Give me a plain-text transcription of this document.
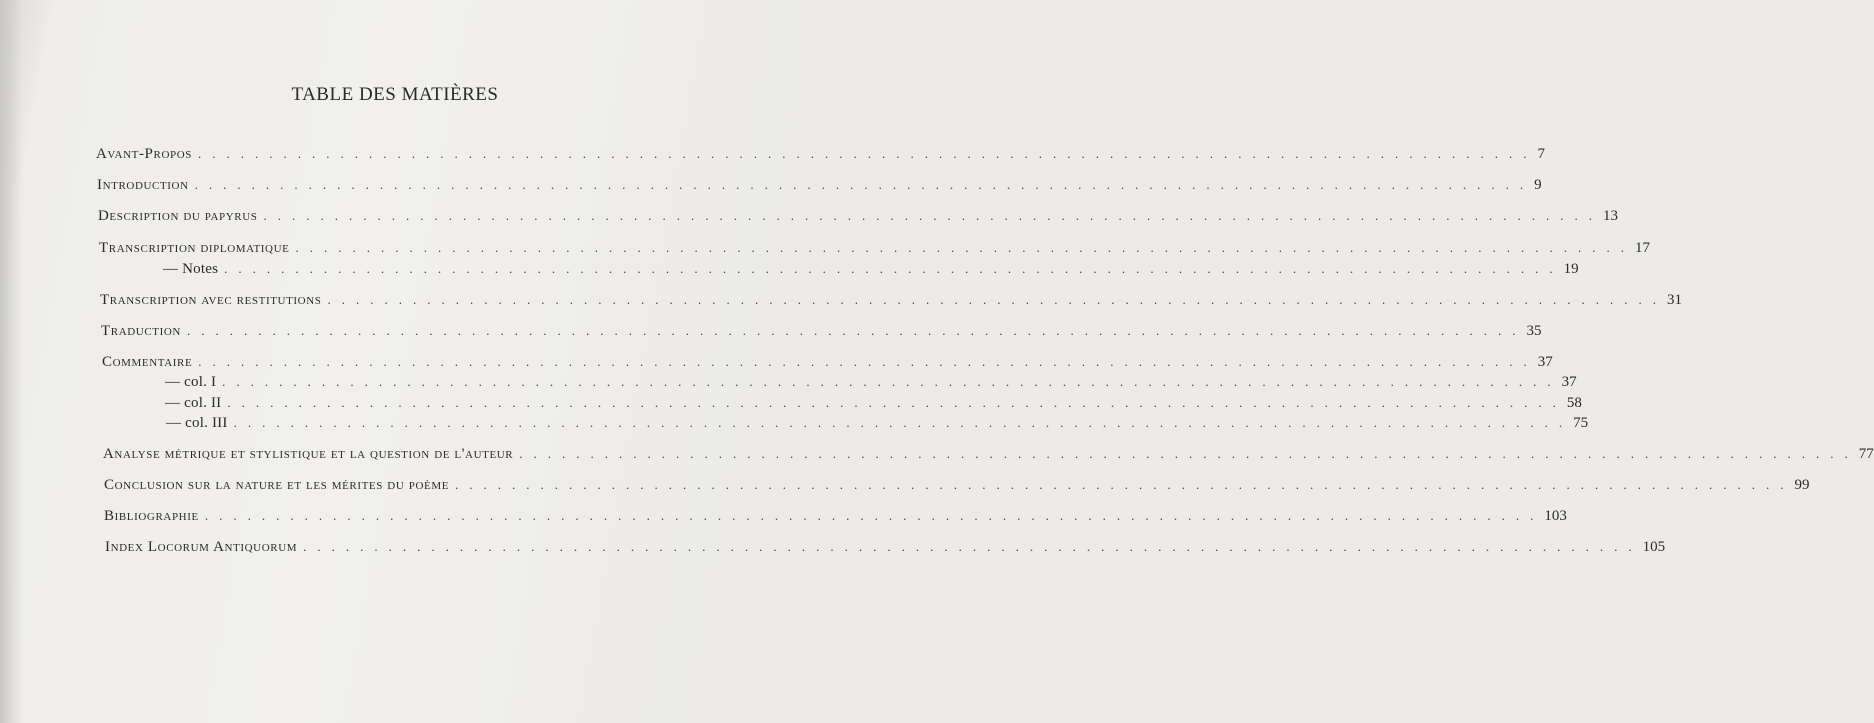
TABLE DES MATIÈRES
Avant-Propos .............................................................................................. 7
Introduction .............................................................................................. 9
Description du papyrus .............................................................................................. 13
Transcription diplomatique .............................................................................................. 17
— Notes .............................................................................................. 19
Transcription avec restitutions .............................................................................................. 31
Traduction .............................................................................................. 35
Commentaire .............................................................................................. 37
— col. I .............................................................................................. 37
— col. II .............................................................................................. 58
— col. III .............................................................................................. 75
Analyse métrique et stylistique et la question de l'auteur .............................................................................................. 77
Conclusion sur la nature et les mérites du poème .............................................................................................. 99
Bibliographie .............................................................................................. 103
Index Locorum Antiquorum .............................................................................................. 105
